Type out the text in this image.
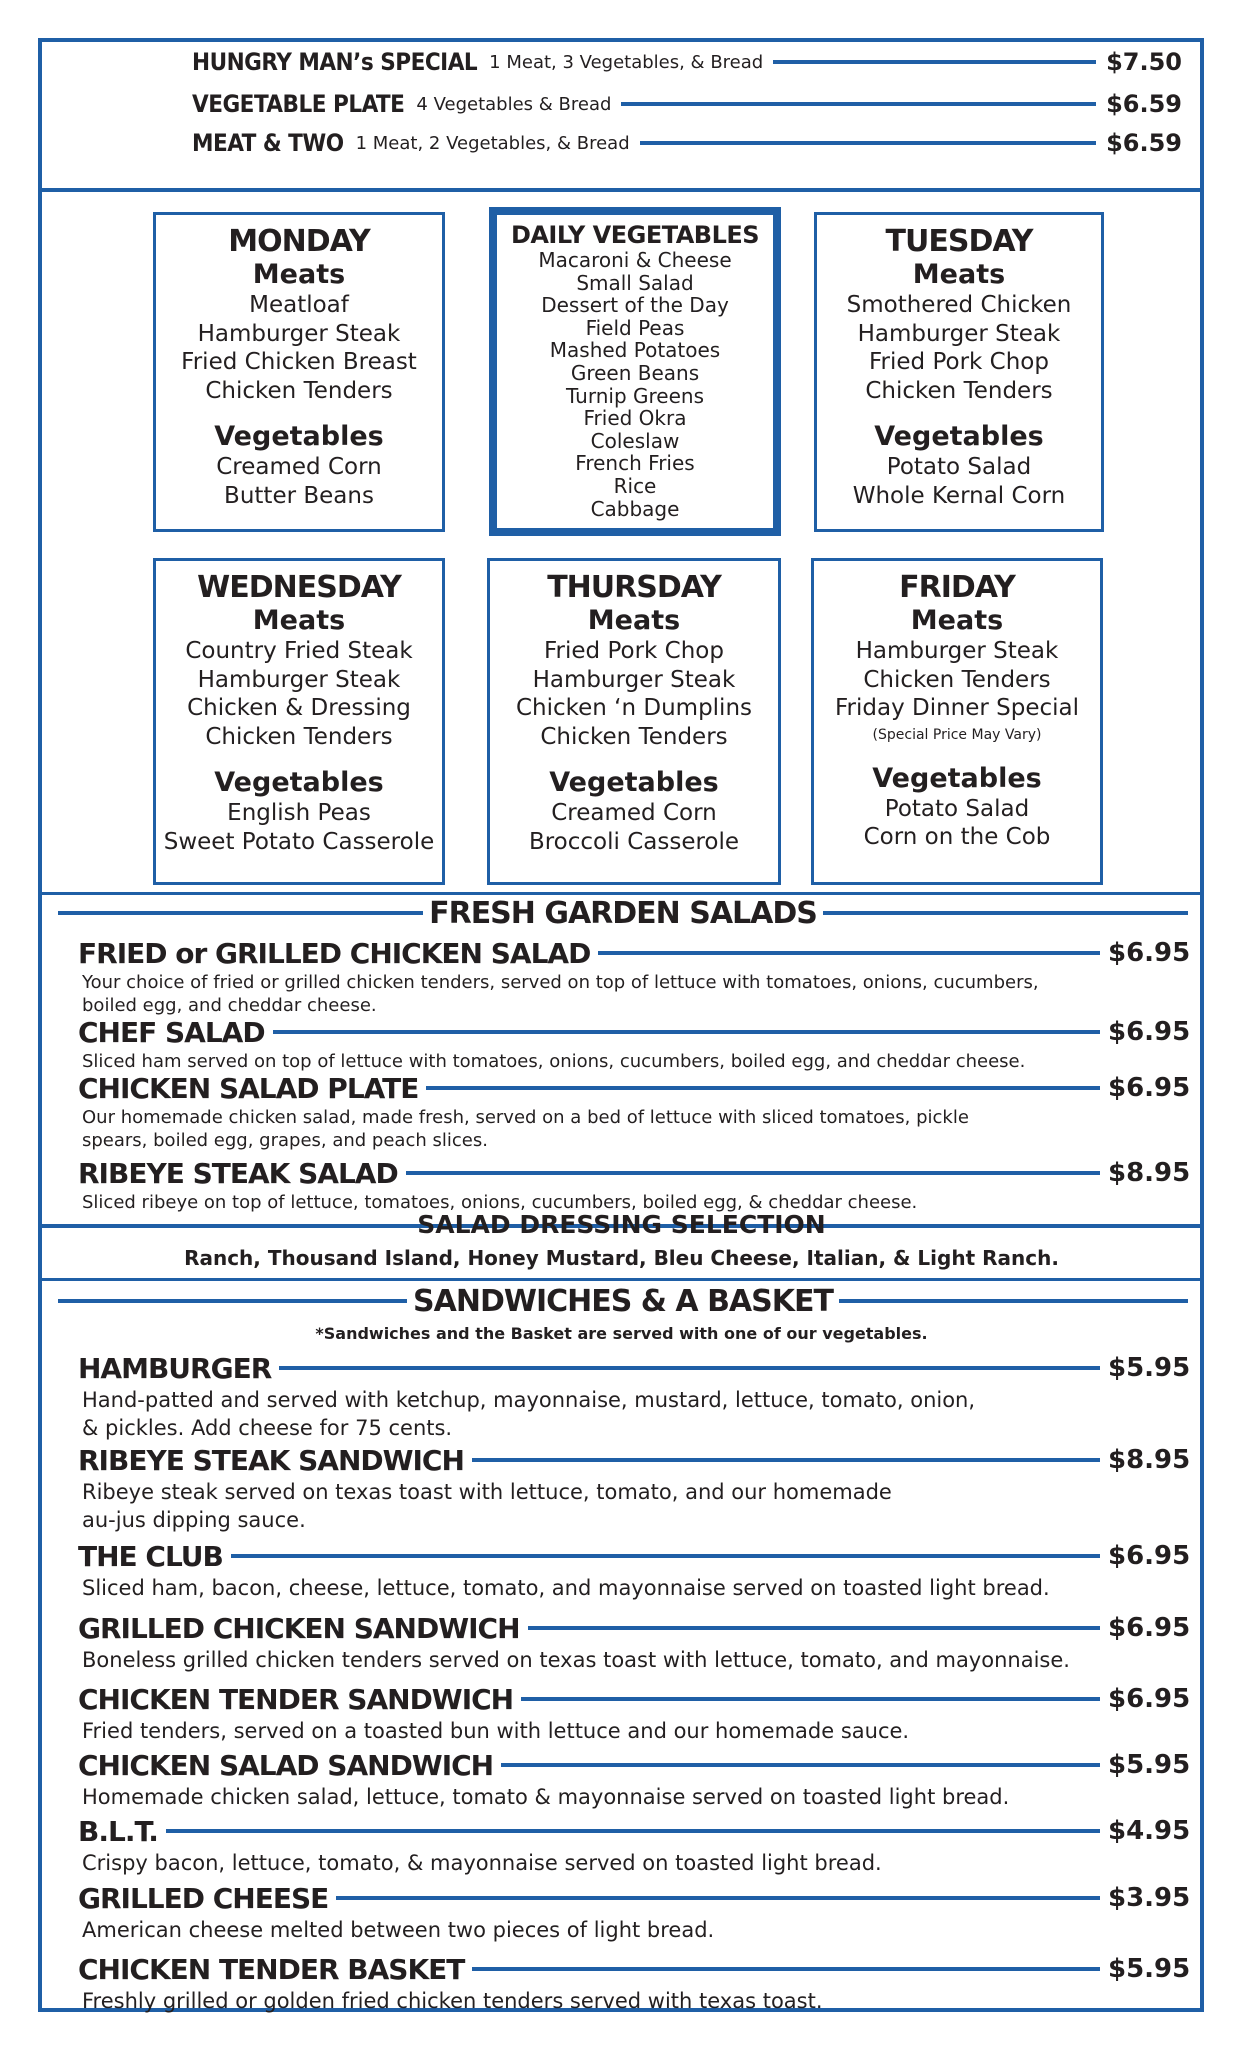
HUNGRY MAN’s SPECIAL 1 Meat, 3 Vegetables, & Bread	$7.50
VEGETABLE PLATE 4 Vegetables & Bread	$6.59
MEAT & TWO 1 Meat, 2 Vegetables, & Bread	$6.59
MONDAY
Meats
Meatloaf
Hamburger Steak
Fried Chicken Breast
Chicken Tenders
Vegetables
Creamed Corn
Butter Beans
DAILY VEGETABLES
Macaroni & Cheese
Small Salad
Dessert of the Day
Field Peas
Mashed Potatoes
Green Beans
Turnip Greens
Fried Okra
Coleslaw
French Fries
Rice
Cabbage
TUESDAY
Meats
Smothered Chicken
Hamburger Steak
Fried Pork Chop
Chicken Tenders
Vegetables
Potato Salad
Whole Kernal Corn
WEDNESDAY
Meats
Country Fried Steak
Hamburger Steak
Chicken & Dressing
Chicken Tenders
Vegetables
English Peas
Sweet Potato Casserole
THURSDAY
Meats
Fried Pork Chop
Hamburger Steak
Chicken ‘n Dumplins
Chicken Tenders
Vegetables
Creamed Corn
Broccoli Casserole
FRIDAY
Meats
Hamburger Steak
Chicken Tenders
Friday Dinner Special
(Special Price May Vary)
Vegetables
Potato Salad
Corn on the Cob
FRESH GARDEN SALADS
FRIED or GRILLED CHICKEN SALAD	$6.95
Your choice of fried or grilled chicken tenders, served on top of lettuce with tomatoes, onions, cucumbers,
boiled egg, and cheddar cheese.
CHEF SALAD	$6.95
Sliced ham served on top of lettuce with tomatoes, onions, cucumbers, boiled egg, and cheddar cheese.
CHICKEN SALAD PLATE	$6.95
Our homemade chicken salad, made fresh, served on a bed of lettuce with sliced tomatoes, pickle
spears, boiled egg, grapes, and peach slices.
RIBEYE STEAK SALAD	$8.95
Sliced ribeye on top of lettuce, tomatoes, onions, cucumbers, boiled egg, & cheddar cheese.
SALAD DRESSING SELECTION
Ranch, Thousand Island, Honey Mustard, Bleu Cheese, Italian, & Light Ranch.
SANDWICHES & A BASKET
*Sandwiches and the Basket are served with one of our vegetables.
HAMBURGER	$5.95
Hand-patted and served with ketchup, mayonnaise, mustard, lettuce, tomato, onion,
& pickles. Add cheese for 75 cents.
RIBEYE STEAK SANDWICH	$8.95
Ribeye steak served on texas toast with lettuce, tomato, and our homemade
au-jus dipping sauce.
THE CLUB	$6.95
Sliced ham, bacon, cheese, lettuce, tomato, and mayonnaise served on toasted light bread.
GRILLED CHICKEN SANDWICH	$6.95
Boneless grilled chicken tenders served on texas toast with lettuce, tomato, and mayonnaise.
CHICKEN TENDER SANDWICH	$6.95
Fried tenders, served on a toasted bun with lettuce and our homemade sauce.
CHICKEN SALAD SANDWICH	$5.95
Homemade chicken salad, lettuce, tomato & mayonnaise served on toasted light bread.
B.L.T.	$4.95
Crispy bacon, lettuce, tomato, & mayonnaise served on toasted light bread.
GRILLED CHEESE	$3.95
American cheese melted between two pieces of light bread.
CHICKEN TENDER BASKET	$5.95
Freshly grilled or golden fried chicken tenders served with texas toast.
